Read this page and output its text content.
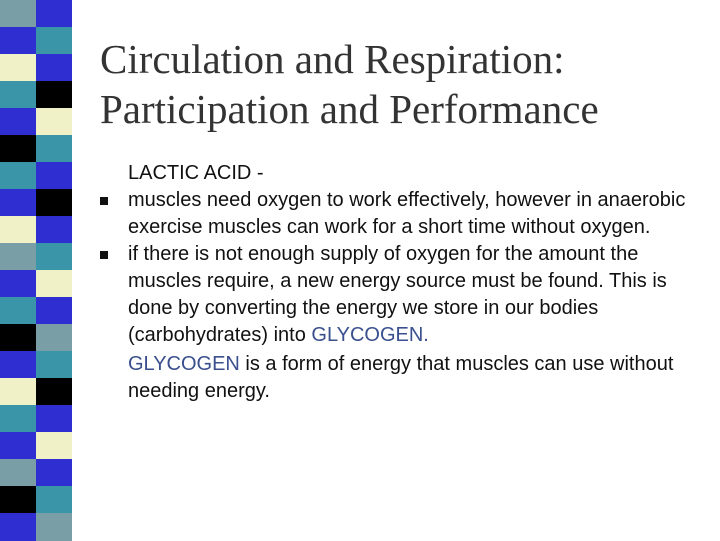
Circulation and Respiration:
Participation and Performance
LACTIC ACID -
muscles need oxygen to work effectively, however in anaerobic exercise muscles can work for a short time without oxygen.
if there is not enough supply of oxygen for the amount the muscles require, a new energy source must be found. This is done by converting the energy we store in our bodies (carbohydrates) into GLYCOGEN.
GLYCOGEN is a form of energy that muscles can use without needing energy.
